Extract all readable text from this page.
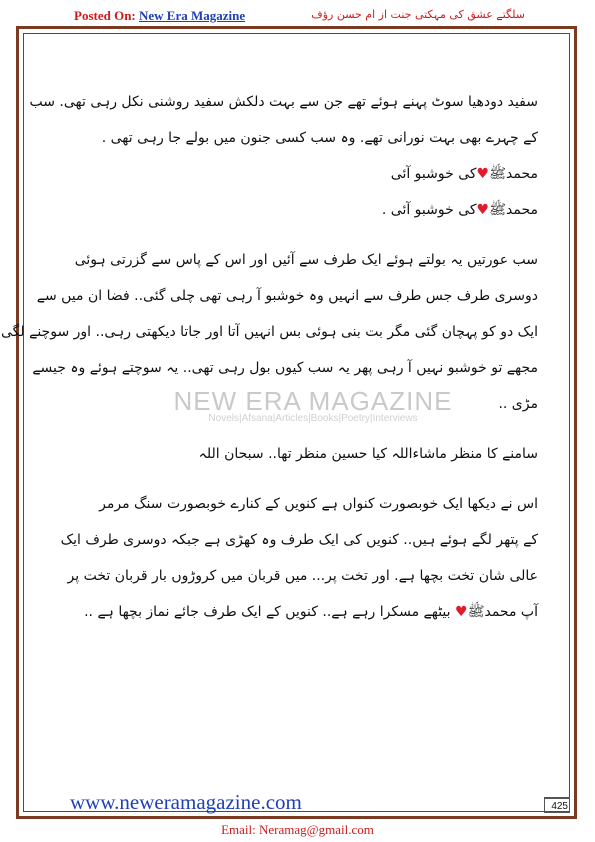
Posted On: New Era Magazine	سلگتے عشق کی مہکتی جنت از ام حسن رؤف
NEW ERA MAGAZINE
Novels|Afsana|Articles|Books|Poetry|Interviews
سفید دودھیا سوٹ پہنے ہوئے تھے جن سے بہت دلکش سفید روشنی نکل رہی تھی. سب
کے چہرے بھی بہت نورانی تھے. وہ سب کسی جنون میں بولے جا رہی تھی .
محمدﷺ♥کی خوشبو آئی
محمدﷺ♥کی خوشبو آئی .
سب عورتیں یہ بولتے ہوئے ایک طرف سے آئیں اور اس کے پاس سے گزرتی ہوئی
دوسری طرف جس طرف سے انہیں وہ خوشبو آ رہی تھی چلی گئی.. فضا ان میں سے
ایک دو کو پہچان گئی مگر بت بنی ہوئی بس انہیں آتا اور جاتا دیکھتی رہی.. اور سوچنے لگی
مجھے تو خوشبو نہیں آ رہی پھر یہ سب کیوں بول رہی تھی.. یہ سوچتے ہوئے وہ جیسے
مڑی ..
سامنے کا منظر ماشاءاللہ کیا حسین منظر تھا.. سبحان اللہ
اس نے دیکھا ایک خوبصورت کنواں ہے کنویں کے کنارے خوبصورت سنگ مرمر
کے پتھر لگے ہوئے ہیں.. کنویں کی ایک طرف وہ کھڑی ہے جبکہ دوسری طرف ایک
عالی شان تخت بچھا ہے. اور تخت پر... میں قربان میں کروڑوں بار قربان تخت پر
آپ محمدﷺ♥ بیٹھے مسکرا رہے ہے.. کنویں کے ایک طرف جائے نماز بچھا ہے ..
www.neweramagazine.com	425
Email: Neramag@gmail.com
